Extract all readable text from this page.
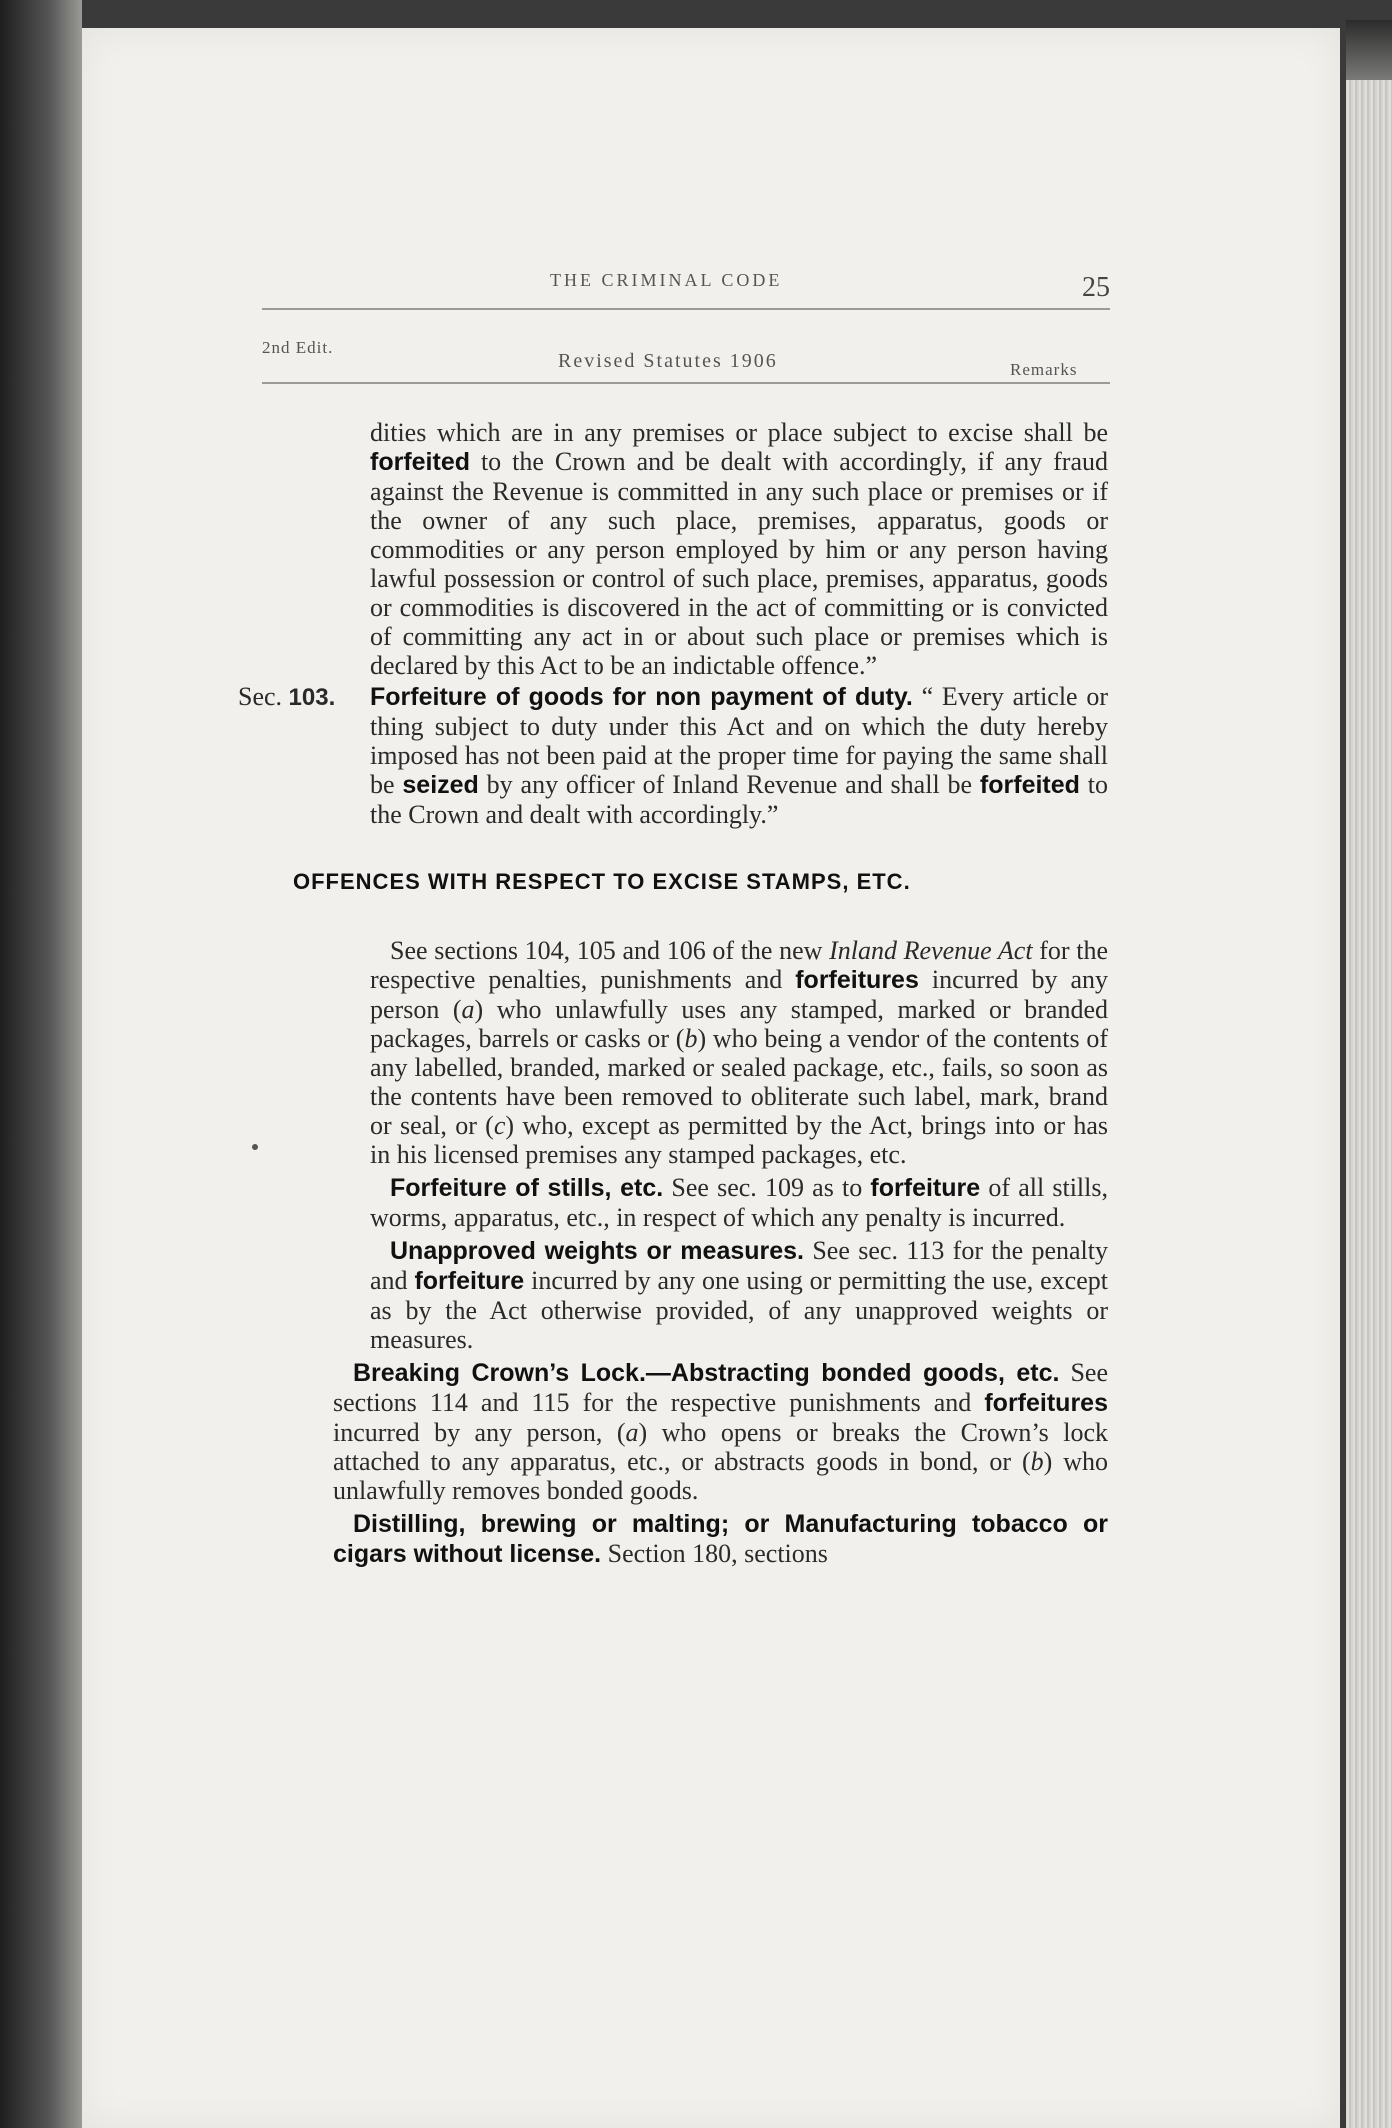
THE CRIMINAL CODE	25
2nd Edit.
Revised Statutes 1906	Remarks
dities which are in any premises or place subject to excise shall be forfeited to the Crown and be dealt with accordingly, if any fraud against the Revenue is committed in any such place or premises or if the owner of any such place, premises, apparatus, goods or commodities or any person employed by him or any person having lawful possession or control of such place, premises, apparatus, goods or commodities is discovered in the act of committing or is convicted of committing any act in or about such place or premises which is declared by this Act to be an indictable offence.”
Sec. 103.	Forfeiture of goods for non payment of duty. “ Every article or thing subject to duty under this Act and on which the duty hereby imposed has not been paid at the proper time for paying the same shall be seized by any officer of Inland Revenue and shall be forfeited to the Crown and dealt with accordingly.”
OFFENCES WITH RESPECT TO EXCISE STAMPS, ETC.
See sections 104, 105 and 106 of the new Inland Revenue Act for the respective penalties, punishments and forfeitures incurred by any person (a) who unlawfully uses any stamped, marked or branded packages, barrels or casks or (b) who being a vendor of the contents of any labelled, branded, marked or sealed package, etc., fails, so soon as the contents have been removed to obliterate such label, mark, brand or seal, or (c) who, except as permitted by the Act, brings into or has in his licensed premises any stamped packages, etc.
Forfeiture of stills, etc. See sec. 109 as to forfeiture of all stills, worms, apparatus, etc., in respect of which any penalty is incurred.
Unapproved weights or measures. See sec. 113 for the penalty and forfeiture incurred by any one using or permitting the use, except as by the Act otherwise provided, of any unapproved weights or measures.
Breaking Crown’s Lock.—Abstracting bonded goods, etc. See sections 114 and 115 for the respective punishments and forfeitures incurred by any person, (a) who opens or breaks the Crown’s lock attached to any apparatus, etc., or abstracts goods in bond, or (b) who unlawfully removes bonded goods.
Distilling, brewing or malting; or Manufacturing tobacco or cigars without license. Section 180, sections
